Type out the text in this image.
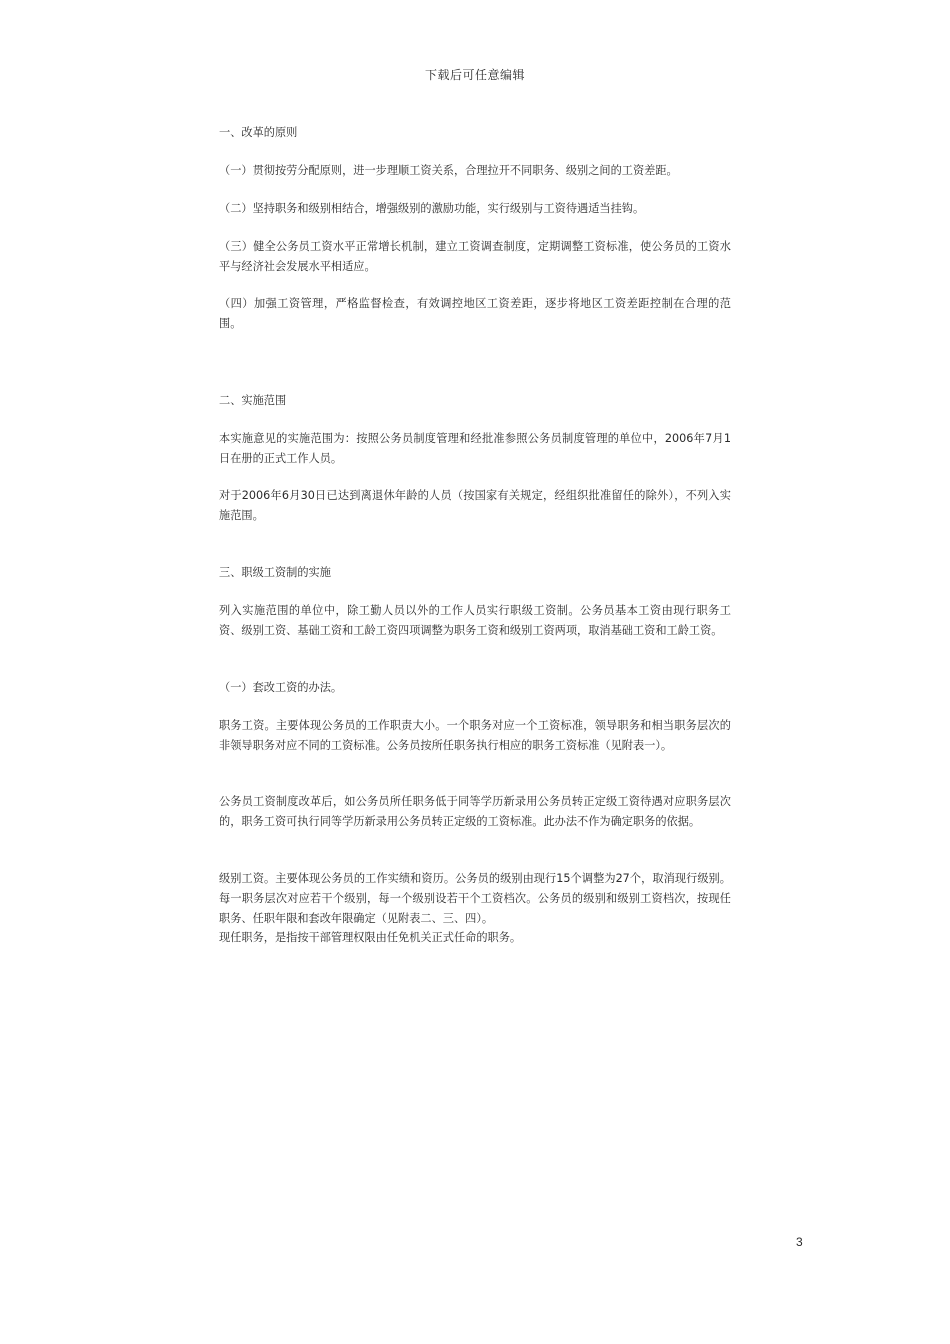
下载后可任意编辑

一、改革的原则

（一）贯彻按劳分配原则，进一步理顺工资关系，合理拉开不同职务、级别之间的工资差距。

（二）坚持职务和级别相结合，增强级别的激励功能，实行级别与工资待遇适当挂钩。

（三）健全公务员工资水平正常增长机制，建立工资调查制度，定期调整工资标准，使公务员的工资水平与经济社会发展水平相适应。

（四）加强工资管理，严格监督检查，有效调控地区工资差距，逐步将地区工资差距控制在合理的范围。

二、实施范围

本实施意见的实施范围为：按照公务员制度管理和经批准参照公务员制度管理的单位中，2006年7月1日在册的正式工作人员。

对于2006年6月30日已达到离退休年龄的人员（按国家有关规定，经组织批准留任的除外），不列入实施范围。

三、职级工资制的实施

列入实施范围的单位中，除工勤人员以外的工作人员实行职级工资制。公务员基本工资由现行职务工资、级别工资、基础工资和工龄工资四项调整为职务工资和级别工资两项，取消基础工资和工龄工资。

（一）套改工资的办法。

职务工资。主要体现公务员的工作职责大小。一个职务对应一个工资标准，领导职务和相当职务层次的非领导职务对应不同的工资标准。公务员按所任职务执行相应的职务工资标准（见附表一）。

公务员工资制度改革后，如公务员所任职务低于同等学历新录用公务员转正定级工资待遇对应职务层次的，职务工资可执行同等学历新录用公务员转正定级的工资标准。此办法不作为确定职务的依据。

级别工资。主要体现公务员的工作实绩和资历。公务员的级别由现行15个调整为27个，取消现行级别。每一职务层次对应若干个级别，每一个级别设若干个工资档次。公务员的级别和级别工资档次，按现任职务、任职年限和套改年限确定（见附表二、三、四）。

现任职务，是指按干部管理权限由任免机关正式任命的职务。

3
